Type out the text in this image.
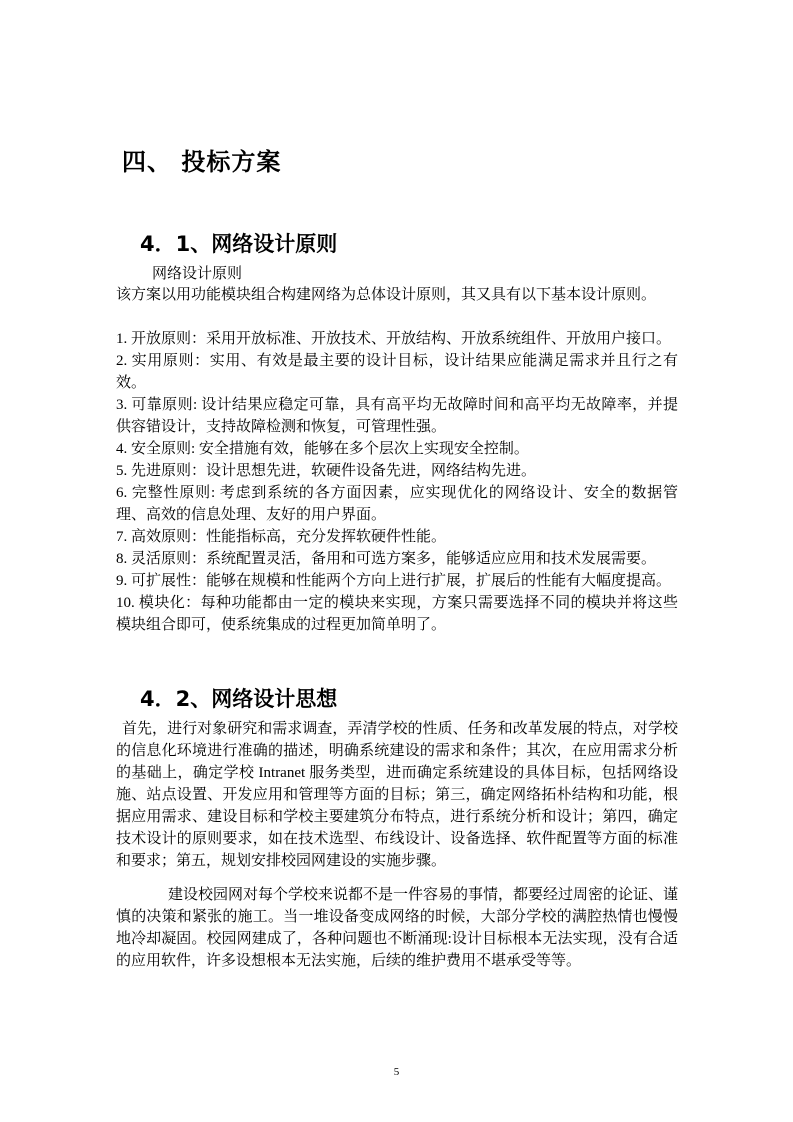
四、 投标方案
4．1、网络设计原则
网络设计原则

该方案以用功能模块组合构建网络为总体设计原则，其又具有以下基本设计原则。

1. 开放原则：采用开放标准、开放技术、开放结构、开放系统组件、开放用户接口。

2. 实用原则：实用、有效是最主要的设计目标，设计结果应能满足需求并且行之有效。

3. 可靠原则: 设计结果应稳定可靠，具有高平均无故障时间和高平均无故障率，并提供容错设计，支持故障检测和恢复，可管理性强。

4. 安全原则: 安全措施有效，能够在多个层次上实现安全控制。

5. 先进原则：设计思想先进，软硬件设备先进，网络结构先进。

6. 完整性原则: 考虑到系统的各方面因素，应实现优化的网络设计、安全的数据管理、高效的信息处理、友好的用户界面。

7. 高效原则：性能指标高，充分发挥软硬件性能。

8. 灵活原则：系统配置灵活，备用和可选方案多，能够适应应用和技术发展需要。

9. 可扩展性：能够在规模和性能两个方向上进行扩展，扩展后的性能有大幅度提高。

10. 模块化：每种功能都由一定的模块来实现，方案只需要选择不同的模块并将这些模块组合即可，使系统集成的过程更加简单明了。

4．2、网络设计思想

首先，进行对象研究和需求调查，弄清学校的性质、任务和改革发展的特点，对学校的信息化环境进行准确的描述，明确系统建设的需求和条件；其次，在应用需求分析的基础上，确定学校 Intranet 服务类型，进而确定系统建设的具体目标，包括网络设施、站点设置、开发应用和管理等方面的目标；第三，确定网络拓朴结构和功能，根据应用需求、建设目标和学校主要建筑分布特点，进行系统分析和设计；第四，确定技术设计的原则要求，如在技术选型、布线设计、设备选择、软件配置等方面的标准和要求；第五，规划安排校园网建设的实施步骤。

建设校园网对每个学校来说都不是一件容易的事情，都要经过周密的论证、谨慎的决策和紧张的施工。当一堆设备变成网络的时候，大部分学校的满腔热情也慢慢地冷却凝固。校园网建成了，各种问题也不断涌现:设计目标根本无法实现，没有合适的应用软件，许多设想根本无法实施，后续的维护费用不堪承受等等。

5
